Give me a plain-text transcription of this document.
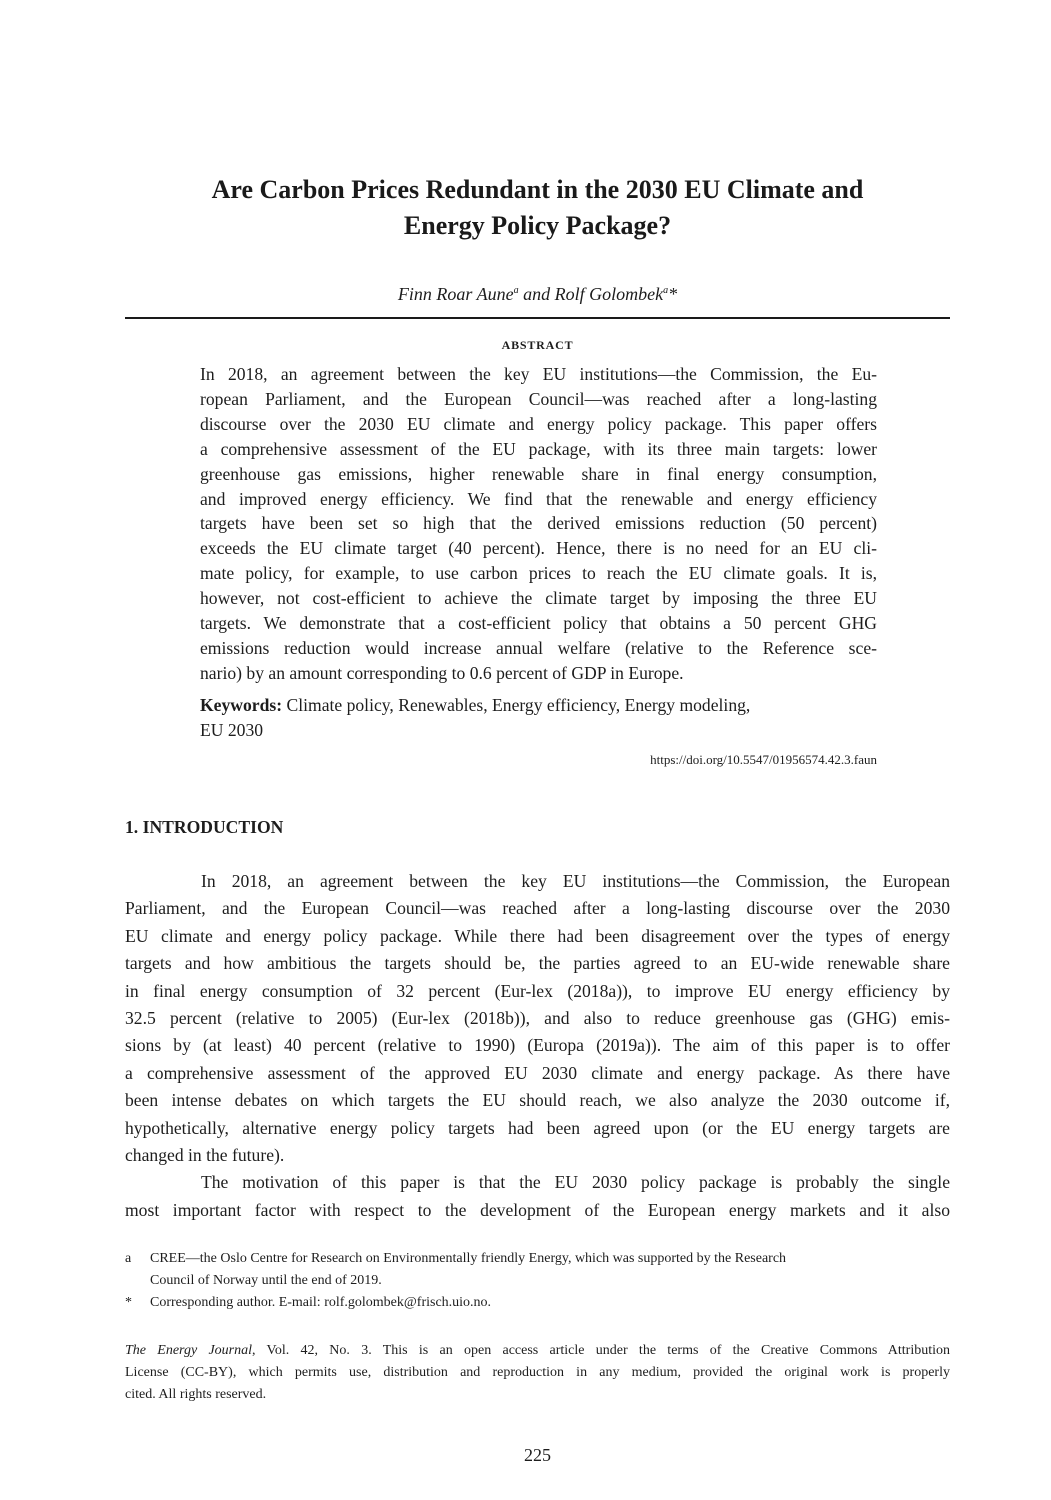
Are Carbon Prices Redundant in the 2030 EU Climate and
Energy Policy Package?
Finn Roar Aune$^a$ and Rolf Golombek$^a$*
ABSTRACT
In 2018, an agreement between the key EU institutions—the Commission, the Eu-
ropean Parliament, and the European Council—was reached after a long-lasting
discourse over the 2030 EU climate and energy policy package. This paper offers
a comprehensive assessment of the EU package, with its three main targets: lower
greenhouse gas emissions, higher renewable share in final energy consumption,
and improved energy efficiency. We find that the renewable and energy efficiency
targets have been set so high that the derived emissions reduction (50 percent)
exceeds the EU climate target (40 percent). Hence, there is no need for an EU cli-
mate policy, for example, to use carbon prices to reach the EU climate goals. It is,
however, not cost-efficient to achieve the climate target by imposing the three EU
targets. We demonstrate that a cost-efficient policy that obtains a 50 percent GHG
emissions reduction would increase annual welfare (relative to the Reference sce-
nario) by an amount corresponding to 0.6 percent of GDP in Europe.
Keywords: Climate policy, Renewables, Energy efficiency, Energy modeling,
EU 2030
https://doi.org/10.5547/01956574.42.3.faun
1. INTRODUCTION
In 2018, an agreement between the key EU institutions—the Commission, the European
Parliament, and the European Council—was reached after a long-lasting discourse over the 2030
EU climate and energy policy package. While there had been disagreement over the types of energy
targets and how ambitious the targets should be, the parties agreed to an EU-wide renewable share
in final energy consumption of 32 percent (Eur-lex (2018a)), to improve EU energy efficiency by
32.5 percent (relative to 2005) (Eur-lex (2018b)), and also to reduce greenhouse gas (GHG) emis-
sions by (at least) 40 percent (relative to 1990) (Europa (2019a)). The aim of this paper is to offer
a comprehensive assessment of the approved EU 2030 climate and energy package. As there have
been intense debates on which targets the EU should reach, we also analyze the 2030 outcome if,
hypothetically, alternative energy policy targets had been agreed upon (or the EU energy targets are
changed in the future).
The motivation of this paper is that the EU 2030 policy package is probably the single
most important factor with respect to the development of the European energy markets and it also
a CREE—the Oslo Centre for Research on Environmentally friendly Energy, which was supported by the Research
Council of Norway until the end of 2019.
* Corresponding author. E-mail: rolf.golombek@frisch.uio.no.
The Energy Journal, Vol. 42, No. 3. This is an open access article under the terms of the Creative Commons Attribution
License (CC-BY), which permits use, distribution and reproduction in any medium, provided the original work is properly
cited. All rights reserved.
225
